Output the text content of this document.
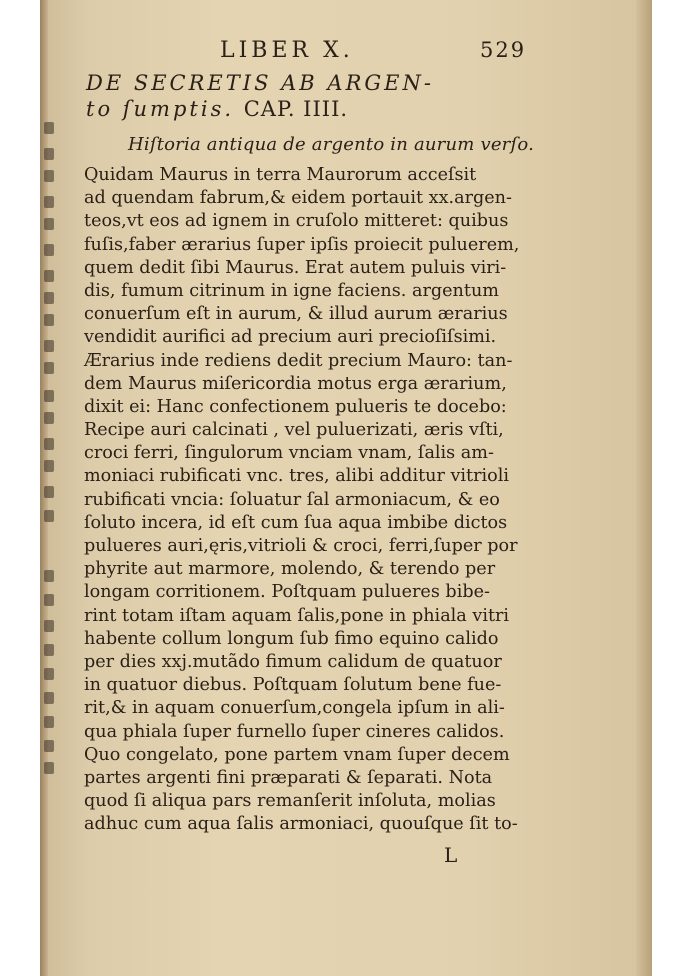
LIBER X.	529
DE SECRETIS AB ARGEN-
to ſumptis. CAP. IIII.
Hiſtoria antiqua de argento in aurum verſo.
Quidam Maurus in terra Maurorum acceſsit
ad quendam fabrum,& eidem portauit xx.argen-
teos,vt eos ad ignem in cruſolo mitteret: quibus
fuſis,faber ærarius ſuper ipſis proiecit puluerem,
quem dedit ſibi Maurus. Erat autem puluis viri-
dis, fumum citrinum in igne faciens. argentum
conuerſum eſt in aurum, & illud aurum ærarius
vendidit aurifici ad precium auri precioſiſsimi.
Ærarius inde rediens dedit precium Mauro: tan-
dem Maurus miſericordia motus erga ærarium,
dixit ei: Hanc confectionem pulueris te docebo:
Recipe auri calcinati , vel puluerizati, æris vſti,
croci ferri, ſingulorum vnciam vnam, ſalis am-
moniaci rubificati vnc. tres, alibi additur vitrioli
rubificati vncia: ſoluatur ſal armoniacum, & eo
ſoluto incera, id eſt cum ſua aqua imbibe dictos
pulueres auri,ęris,vitrioli & croci, ferri,ſuper por
phyrite aut marmore, molendo, & terendo per
longam corritionem. Poſtquam pulueres bibe-
rint totam iſtam aquam ſalis,pone in phiala vitri
habente collum longum ſub fimo equino calido
per dies xxj.mutãdo fimum calidum de quatuor
in quatuor diebus. Poſtquam ſolutum bene fue-
rit,& in aquam conuerſum,congela ipſum in ali-
qua phiala ſuper furnello ſuper cineres calidos.
Quo congelato, pone partem vnam ſuper decem
partes argenti fini præparati & ſeparati. Nota
quod ſi aliqua pars remanſerit inſoluta, molias
adhuc cum aqua ſalis armoniaci, quouſque ſit to-
L
